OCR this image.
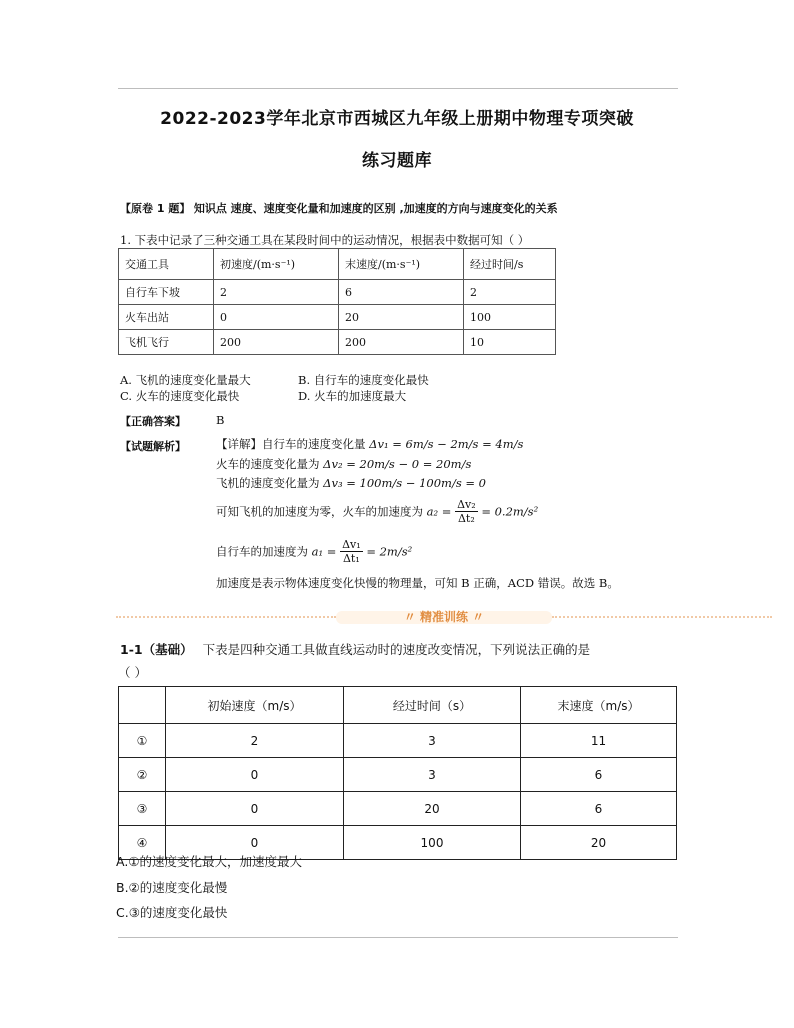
2022-2023学年北京市西城区九年级上册期中物理专项突破
练习题库
【原卷 1 题】 知识点 速度、速度变化量和加速度的区别 ,加速度的方向与速度变化的关系
1. 下表中记录了三种交通工具在某段时间中的运动情况，根据表中数据可知（ ）
交通工具	初速度/(m·s⁻¹)	末速度/(m·s⁻¹)	经过时间/s
自行车下坡	2	6	2
火车出站	0	20	100
飞机飞行	200	200	10
A. 飞机的速度变化量最大	B. 自行车的速度变化最快
C. 火车的速度变化最快	D. 火车的加速度最大
【正确答案】	B
【试题解析】	【详解】自行车的速度变化量 Δv₁ = 6m/s − 2m/s = 4m/s
火车的速度变化量为 Δv₂ = 20m/s − 0 = 20m/s
飞机的速度变化量为 Δv₃ = 100m/s − 100m/s = 0
可知飞机的加速度为零，火车的加速度为 $a_2 = \frac{\text{Δv₂}}{\text{Δt₂}} = 0.2m/s^2$
自行车的加速度为 $a_1 = \frac{\text{Δv₁}}{\text{Δt₁}} = 2m/s^2$
加速度是表示物体速度变化快慢的物理量，可知 B 正确，ACD 错误。故选 B。
〃 精准训练 〃
1-1（基础） 下表是四种交通工具做直线运动时的速度改变情况，下列说法正确的是
（ ）
	初始速度（m/s）	经过时间（s）	末速度（m/s）
①	2	3	11
②	0	3	6
③	0	20	6
④	0	100	20
A.①的速度变化最大，加速度最大
B.②的速度变化最慢
C.③的速度变化最快
